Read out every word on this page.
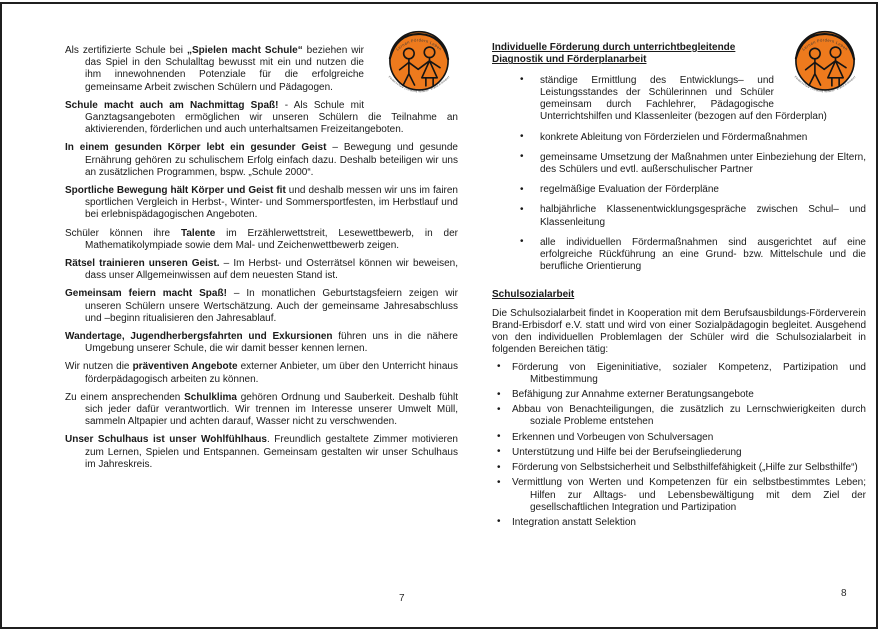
Als zertifizierte Schule bei „Spielen macht Schule“ beziehen wir das Spiel in den Schulalltag bewusst mit ein und nutzen die ihm innewohnenden Potenziale für die erfolgreiche gemeinsame Arbeit zwischen Schülern und Pädagogen.

Schule macht auch am Nachmittag Spaß! - Als Schule mit Ganztagsangeboten ermöglichen wir unseren Schülern die Teilnahme an aktivierenden, förderlichen und auch unterhaltsamen Freizeitangeboten.

In einem gesunden Körper lebt ein gesunder Geist – Bewegung und gesunde Ernährung gehören zu schulischem Erfolg einfach dazu. Deshalb beteiligen wir uns an zusätzlichen Programmen, bspw. „Schule 2000“.

Sportliche Bewegung hält Körper und Geist fit und deshalb messen wir uns im fairen sportlichen Vergleich in Herbst-, Winter- und Sommersportfesten, im Herbstlauf und bei erlebnispädagogischen Angeboten.

Schüler können ihre Talente im Erzählerwettstreit, Lesewettbewerb, in der Mathematikolympiade sowie dem Mal- und Zeichenwettbewerb zeigen.

Rätsel trainieren unseren Geist. – Im Herbst- und Osterrätsel können wir beweisen, dass unser Allgemeinwissen auf dem neuesten Stand ist.

Gemeinsam feiern macht Spaß! – In monatlichen Geburtstagsfeiern zeigen wir unseren Schülern unsere Wertschätzung. Auch der gemeinsame Jahresabschluss und –beginn ritualisieren den Jahresablauf.

Wandertage, Jugendherbergsfahrten und Exkursionen führen uns in die nähere Umgebung unserer Schule, die wir damit besser kennen lernen.

Wir nutzen die präventiven Angebote externer Anbieter, um über den Unterricht hinaus förderpädagogisch arbeiten zu können.

Zu einem ansprechenden Schulklima gehören Ordnung und Sauberkeit. Deshalb fühlt sich jeder dafür verantwortlich. Wir trennen im Interesse unserer Umwelt Müll, sammeln Altpapier und achten darauf, Wasser nicht zu verschwenden.

Unser Schulhaus ist unser Wohlfühlhaus. Freundlich gestaltete Zimmer motivieren zum Lernen, Spielen und Entspannen. Gemeinsam gestalten wir unser Schulhaus im Jahreskreis.

Individuelle Förderung durch unterrichtbegleitende Diagnostik und Förderplanarbeit
• ständige Ermittlung des Entwicklungs– und Leistungsstandes der Schülerinnen und Schüler gemeinsam durch Fachlehrer, Pädagogische Unterrichtshilfen und Klassenleiter (bezogen auf den Förderplan)
• konkrete Ableitung von Förderzielen und Fördermaßnahmen
• gemeinsame Umsetzung der Maßnahmen unter Einbeziehung der Eltern, des Schülers und evtl. außerschulischer Partner
• regelmäßige Evaluation der Förderpläne
• halbjährliche Klassenentwicklungsgespräche zwischen Schul– und Klassenleitung
• alle individuellen Fördermaßnahmen sind ausgerichtet auf eine erfolgreiche Rückführung an eine Grund- bzw. Mittelschule und die berufliche Orientierung
Schulsozialarbeit

Die Schulsozialarbeit findet in Kooperation mit dem Berufsausbildungs-Förderverein Brand-Erbisdorf e.V. statt und wird von einer Sozialpädagogin begleitet. Ausgehend von den individuellen Problemlagen der Schüler wird die Schulsozialarbeit in folgenden Bereichen tätig:

• Förderung von Eigeninitiative, sozialer Kompetenz, Partizipation und Mitbestimmung
• Befähigung zur Annahme externer Beratungsangebote
• Abbau von Benachteiligungen, die zusätzlich zu Lernschwierigkeiten durch soziale Probleme entstehen
• Erkennen und Vorbeugen von Schulversagen
• Unterstützung und Hilfe bei der Berufseingliederung
• Förderung von Selbstsicherheit und Selbsthilfefähigkeit („Hilfe zur Selbsthilfe“)
• Vermittlung von Werten und Kompetenzen für ein selbstbestimmtes Leben; Hilfen zur Alltags- und Lebensbewältigung mit dem Ziel der gesellschaftlichen Integration und Partizipation
• Integration anstatt Selektion
7	8
